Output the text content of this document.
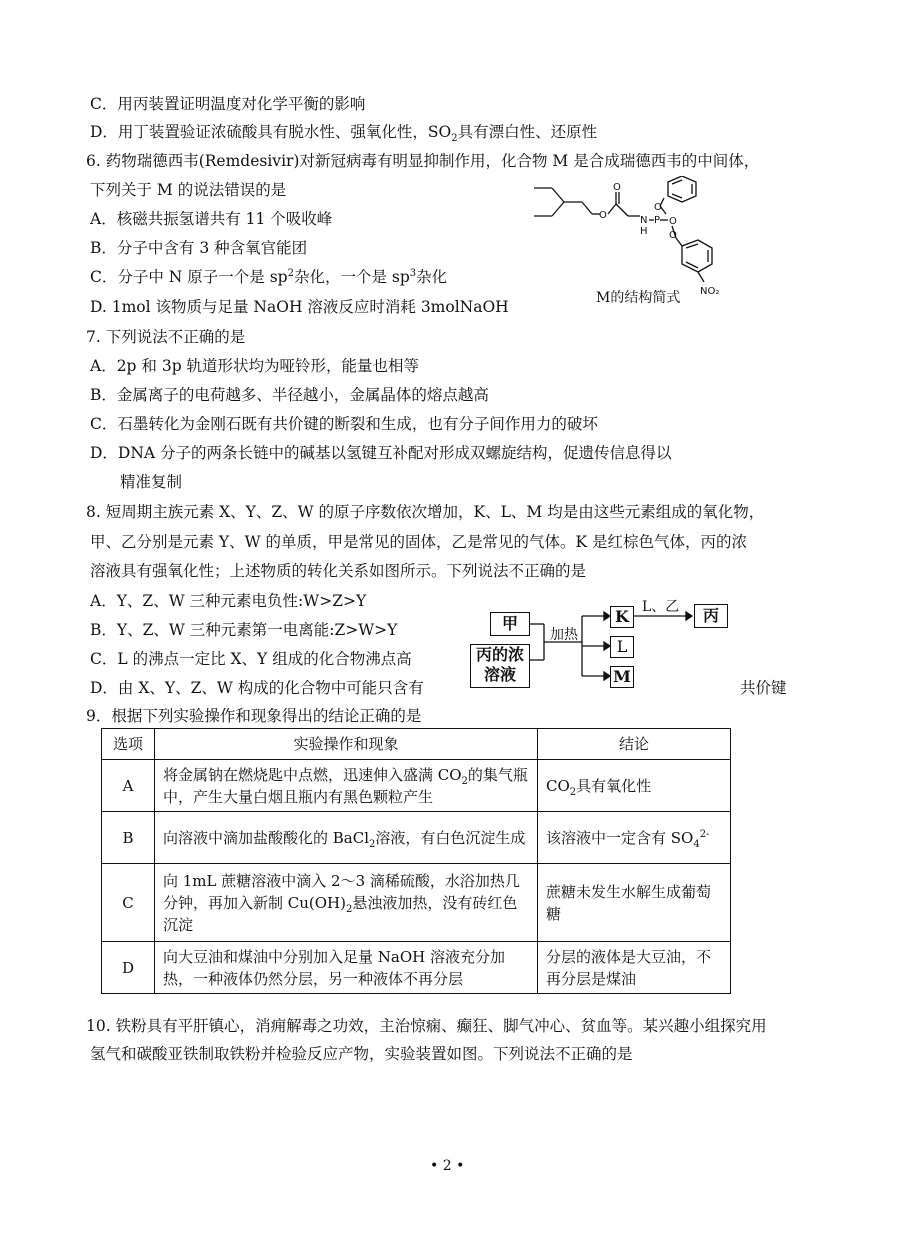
C．用丙装置证明温度对化学平衡的影响
D．用丁装置验证浓硫酸具有脱水性、强氧化性，$SO_2$具有漂白性、还原性
6. 药物瑞德西韦(Remdesivir)对新冠病毒有明显抑制作用，化合物 M 是合成瑞德西韦的中间体，
下列关于 M 的说法错误的是
A．核磁共振氢谱共有 11 个吸收峰
B．分子中含有 3 种含氧官能团
C．分子中 N 原子一个是 $sp^2$杂化，一个是 $sp^3$杂化
D. 1mol 该物质与足量 NaOH 溶液反应时消耗 3molNaOH
O
O
N
H
P O
O
O
NO₂
M的结构简式
7. 下列说法不正确的是
A．2p 和 3p 轨道形状均为哑铃形，能量也相等
B．金属离子的电荷越多、半径越小，金属晶体的熔点越高
C．石墨转化为金刚石既有共价键的断裂和生成，也有分子间作用力的破坏
D．DNA 分子的两条长链中的碱基以氢键互补配对形成双螺旋结构，促遗传信息得以
精准复制
8. 短周期主族元素 X、Y、Z、W 的原子序数依次增加，K、L、M 均是由这些元素组成的氧化物，
甲、乙分别是元素 Y、W 的单质，甲是常见的固体，乙是常见的气体。K 是红棕色气体，丙的浓
溶液具有强氧化性；上述物质的转化关系如图所示。下列说法不正确的是
A．Y、Z、W 三种元素电负性:W>Z>Y
B．Y、Z、W 三种元素第一电离能:Z>W>Y
C．L 的沸点一定比 X、Y 组成的化合物沸点高
D．由 X、Y、Z、W 构成的化合物中可能只含有	共价键
甲
丙的浓溶液
加热
K
L
M
L、乙	丙
9．根据下列实验操作和现象得出的结论正确的是
选项	实验操作和现象	结论
A	将金属钠在燃烧匙中点燃，迅速伸入盛满 $CO_2$的集气瓶中，产生大量白烟且瓶内有黑色颗粒产生	$CO_2$具有氧化性
B	向溶液中滴加盐酸酸化的 BaCl$_2$溶液，有白色沉淀生成	该溶液中一定含有 $SO_4^{2-}$
C	向 1mL 蔗糖溶液中滴入 2～3 滴稀硫酸，水浴加热几分钟，再加入新制 $Cu(OH)_2$悬浊液加热，没有砖红色沉淀	蔗糖未发生水解生成葡萄糖
D	向大豆油和煤油中分别加入足量 NaOH 溶液充分加热，一种液体仍然分层，另一种液体不再分层	分层的液体是大豆油，不再分层是煤油
10. 铁粉具有平肝镇心，消痈解毒之功效，主治惊痫、癫狂、脚气冲心、贫血等。某兴趣小组探究用
氢气和碳酸亚铁制取铁粉并检验反应产物，实验装置如图。下列说法不正确的是
• 2 •
